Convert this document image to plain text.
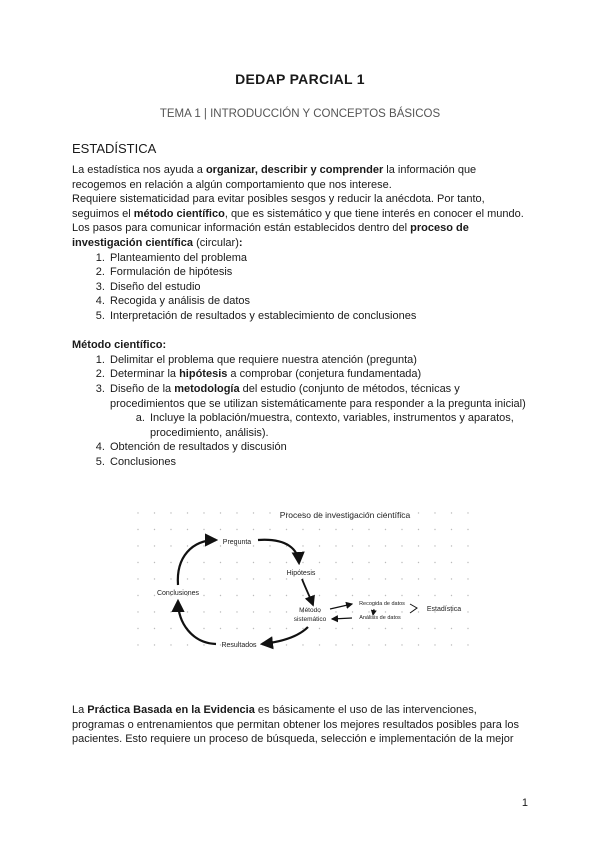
DEDAP PARCIAL 1
TEMA 1 | INTRODUCCIÓN Y CONCEPTOS BÁSICOS
ESTADÍSTICA

La estadística nos ayuda a organizar, describir y comprender la información que recogemos en relación a algún comportamiento que nos interese.

Requiere sistematicidad para evitar posibles sesgos y reducir la anécdota. Por tanto, seguimos el método científico, que es sistemático y que tiene interés en conocer el mundo.

Los pasos para comunicar información están establecidos dentro del proceso de investigación científica (circular):

1. Planteamiento del problema
2. Formulación de hipótesis
3. Diseño del estudio
4. Recogida y análisis de datos
5. Interpretación de resultados y establecimiento de conclusiones

Método científico:

1. Delimitar el problema que requiere nuestra atención (pregunta)
2. Determinar la hipótesis a comprobar (conjetura fundamentada)
3. Diseño de la metodología del estudio (conjunto de métodos, técnicas y procedimientos que se utilizan sistemáticamente para responder a la pregunta inicial)
a. Incluye la población/muestra, contexto, variables, instrumentos y aparatos, procedimiento, análisis).
4. Obtención de resultados y discusión
5. Conclusiones
Proceso de investigación científica
Pregunta
Hipótesis
Conclusiones
Método
sistemático
Recogida de datos
Análisis de datos
Estadística
Resultados

La Práctica Basada en la Evidencia es básicamente el uso de las intervenciones, programas o entrenamientos que permitan obtener los mejores resultados posibles para los pacientes. Esto requiere un proceso de búsqueda, selección e implementación de la mejor

1
